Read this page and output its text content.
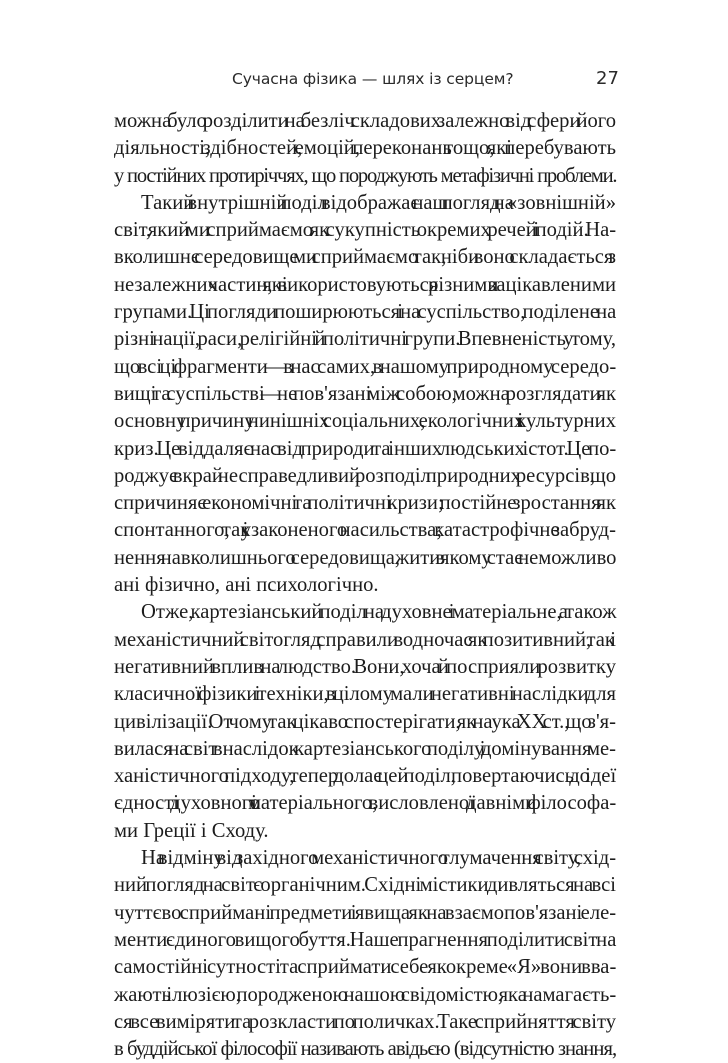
Сучасна фізика — шлях із серцем?	27

можна було розділити на безліч складових залежно від сфери його
діяльності, здібностей, емоцій, переконань тощо, які перебувають
у постійних протиріччях, що породжують метафізичні проблеми.

Такий внутрішній поділ відображає наш погляд на «зовнішній»
світ, який ми сприймаємо як сукупність окремих речей і подій. На-
вколишнє середовище ми сприймаємо так, ніби воно складається з
незалежних частин, які використовуються різними зацікавленими
групами. Ці погляди поширюються і на суспільство, поділене на
різні нації, раси, релігійні й політичні групи. Впевненість у тому,
що всі ці фрагменти — в нас самих, в нашому природному середо-
вищі та суспільстві — не пов'язані між собою, можна розглядати як
основну причину нинішніх соціальних, екологічних і культурних
криз. Це віддаляє нас від природи та інших людських істот. Це по-
роджує вкрай несправедливий розподіл природних ресурсів, що
спричиняє економічні та політичні кризи; постійне зростання як
спонтанного, так і узаконеного насильства; катастрофічне забруд-
нення навколишнього середовища, жити в якому стає неможливо
ані фізично, ані психологічно.

Отже, картезіанський поділ на духовне і матеріальне, а також
механістичний світогляд справили водночас як позитивний, так і
негативний вплив на людство. Вони, хоча й посприяли розвитку
класичної фізики і техніки, в цілому мали негативні наслідки для
цивілізації. От чому так цікаво спостерігати, як наука XX ст., що з'я-
вилася на світ внаслідок картезіанського поділу і домінування ме-
ханістичного підходу, тепер долає цей поділ, повертаючись до ідеї
єдності духовного і матеріального, висловленої давніми філософа-
ми Греції і Сходу.

На відміну від західного механістичного тлумачення світу, схід-
ний погляд на світ є органічним. Східні містики дивляться на всі
чуттєво сприймані предмети і явища як на взаємопов'язані еле-
менти єдиного вищого буття. Наше прагнення поділити світ на
самостійні сутності та сприймати себе як окреме «Я» вони вва-
жають ілюзією, породженою нашою свідомістю, яка намагаєть-
ся все виміряти та розкласти по поличках. Таке сприйняття світу
в буддійської філософії називають авідьєю (відсутністю знання,
